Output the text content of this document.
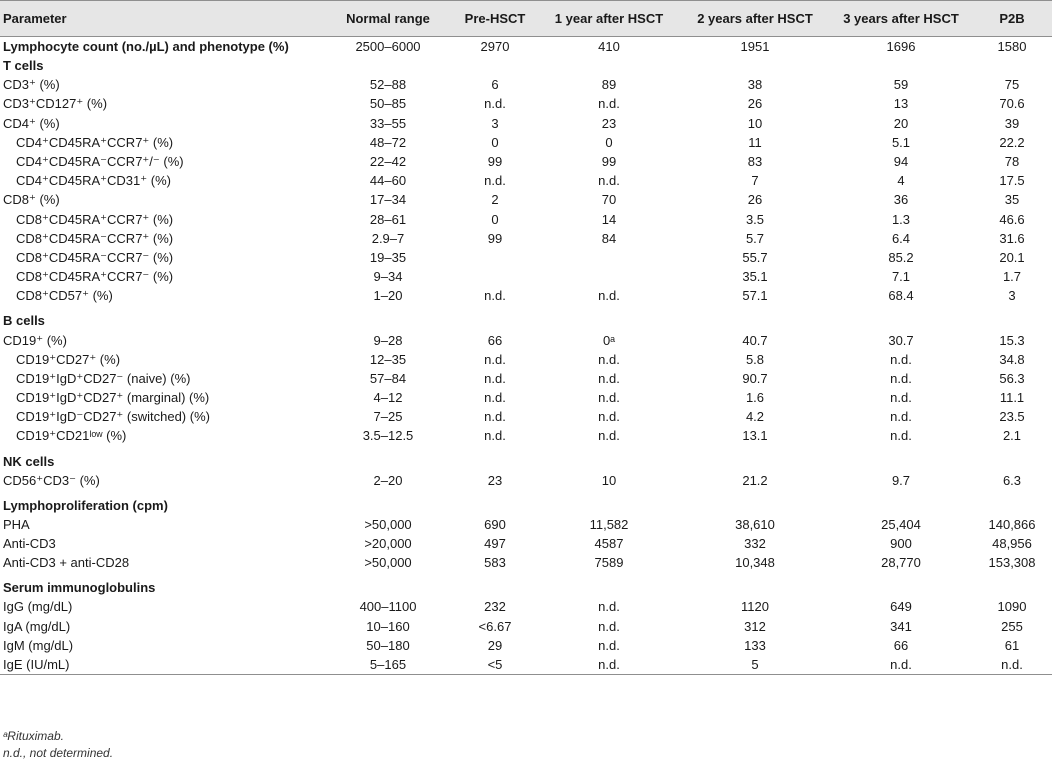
Parameter	Normal range	Pre-HSCT	1 year after HSCT	2 years after HSCT	3 years after HSCT	P2B
Lymphocyte count (no./µL) and phenotype (%)	2500–6000	2970	410	1951	1696	1580
T cells						
CD3⁺ (%)	52–88	6	89	38	59	75
CD3⁺CD127⁺ (%)	50–85	n.d.	n.d.	26	13	70.6
CD4⁺ (%)	33–55	3	23	10	20	39
CD4⁺CD45RA⁺CCR7⁺ (%)	48–72	0	0	11	5.1	22.2
CD4⁺CD45RA⁻CCR7⁺/⁻ (%)	22–42	99	99	83	94	78
CD4⁺CD45RA⁺CD31⁺ (%)	44–60	n.d.	n.d.	7	4	17.5
CD8⁺ (%)	17–34	2	70	26	36	35
CD8⁺CD45RA⁺CCR7⁺ (%)	28–61	0	14	3.5	1.3	46.6
CD8⁺CD45RA⁻CCR7⁺ (%)	2.9–7	99	84	5.7	6.4	31.6
CD8⁺CD45RA⁻CCR7⁻ (%)	19–35			55.7	85.2	20.1
CD8⁺CD45RA⁺CCR7⁻ (%)	9–34			35.1	7.1	1.7
CD8⁺CD57⁺ (%)	1–20	n.d.	n.d.	57.1	68.4	3
B cells						
CD19⁺ (%)	9–28	66	0ᵃ	40.7	30.7	15.3
CD19⁺CD27⁺ (%)	12–35	n.d.	n.d.	5.8	n.d.	34.8
CD19⁺IgD⁺CD27⁻ (naive) (%)	57–84	n.d.	n.d.	90.7	n.d.	56.3
CD19⁺IgD⁺CD27⁺ (marginal) (%)	4–12	n.d.	n.d.	1.6	n.d.	11.1
CD19⁺IgD⁻CD27⁺ (switched) (%)	7–25	n.d.	n.d.	4.2	n.d.	23.5
CD19⁺CD21ˡᵒʷ (%)	3.5–12.5	n.d.	n.d.	13.1	n.d.	2.1
NK cells						
CD56⁺CD3⁻ (%)	2–20	23	10	21.2	9.7	6.3
Lymphoproliferation (cpm)						
PHA	>50,000	690	11,582	38,610	25,404	140,866
Anti-CD3	>20,000	497	4587	332	900	48,956
Anti-CD3 + anti-CD28	>50,000	583	7589	10,348	28,770	153,308
Serum immunoglobulins						
IgG (mg/dL)	400–1100	232	n.d.	1120	649	1090
IgA (mg/dL)	10–160	<6.67	n.d.	312	341	255
IgM (mg/dL)	50–180	29	n.d.	133	66	61
IgE (IU/mL)	5–165	<5	n.d.	5	n.d.	n.d.
ᵃRituximab.
n.d., not determined.
